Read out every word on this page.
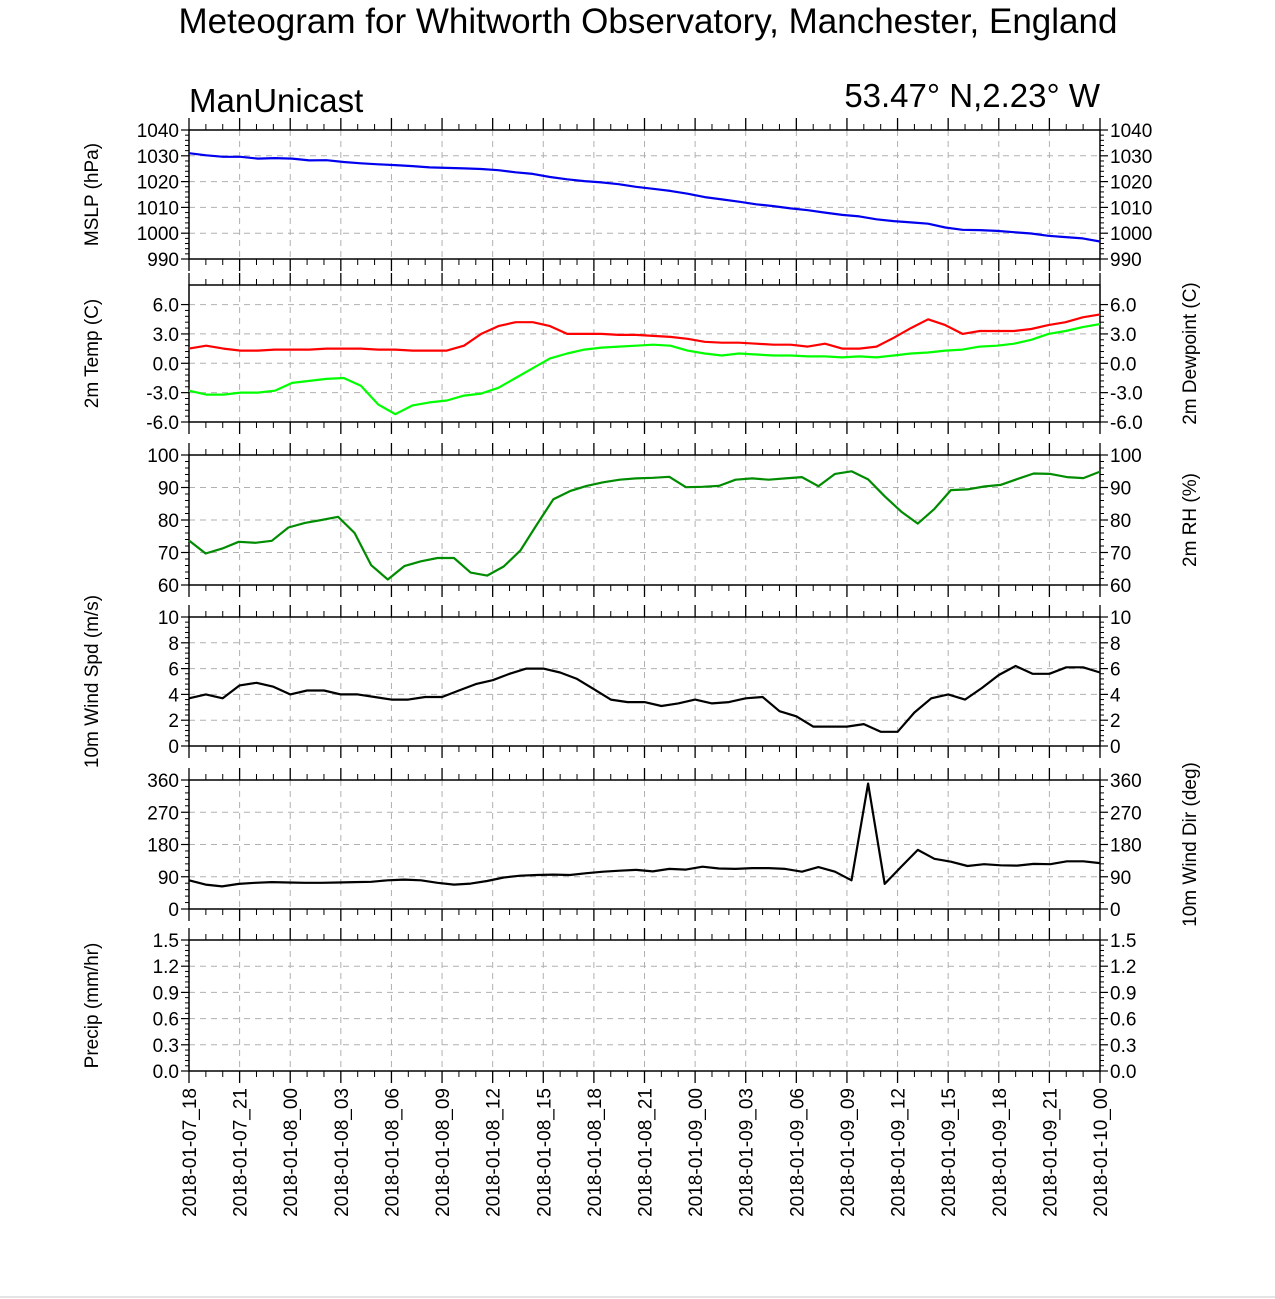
Meteogram for Whitworth Observatory, Manchester, England
ManUnicast	53.47° N,2.23° W
990	990
1000	1000
1010	1010
1020	1020
1030	1030
1040	1040
MSLP (hPa)
-6.0	-6.0
-3.0	-3.0
0.0	0.0
3.0	3.0
6.0	6.0
2m Temp (C)	2m Dewpoint (C)
60	60
70	70
80	80
90	90
100	100
2m RH (%)
0	0
2	2
4	4
6	6
8	8
10	10
10m Wind Spd (m/s)
0	0
90	90
180	180
270	270
360	360 10m Wind Dir (deg)
0.0	0.0
0.3	0.3
0.6	0.6
0.9	0.9
1.2	1.2
1.5	1.5
Precip (mm/hr)
2018-01-07_18 2018-01-07_21 2018-01-08_00 2018-01-08_03 2018-01-08_06 2018-01-08_09 2018-01-08_12 2018-01-08_15 2018-01-08_18 2018-01-08_21 2018-01-09_00 2018-01-09_03 2018-01-09_06 2018-01-09_09 2018-01-09_12 2018-01-09_15 2018-01-09_18 2018-01-09_21 2018-01-10_00
